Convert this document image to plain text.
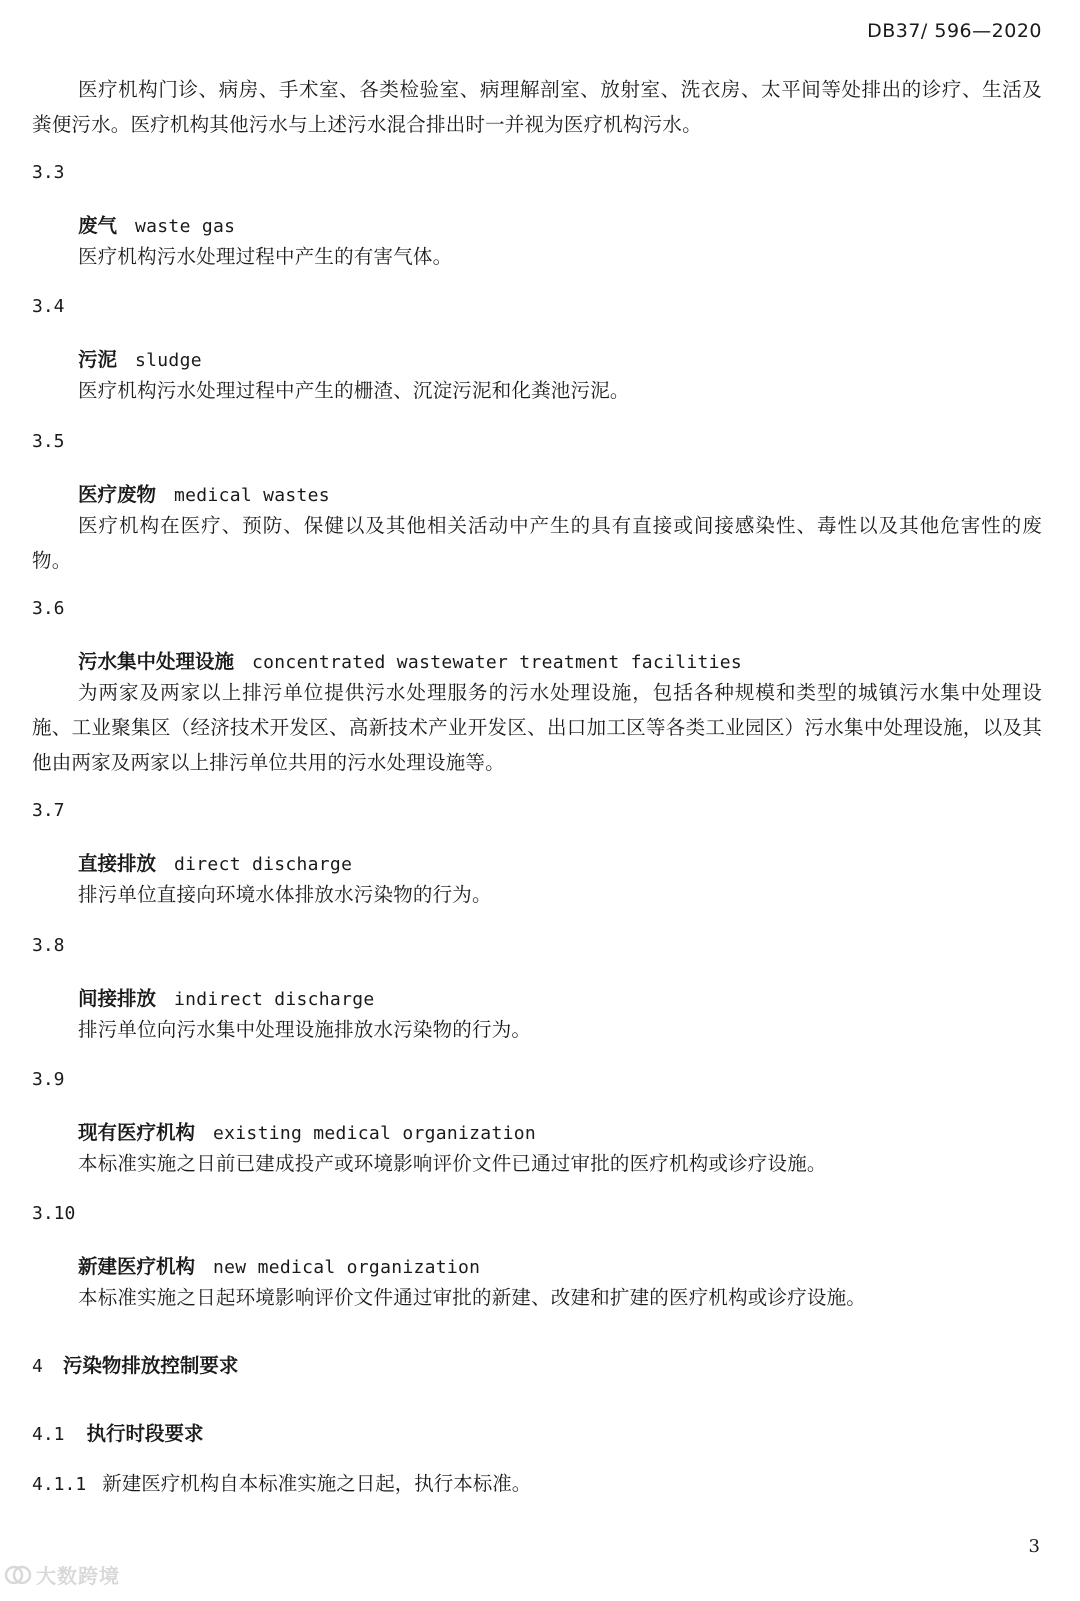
DB37/ 596—2020
医疗机构门诊、病房、手术室、各类检验室、病理解剖室、放射室、洗衣房、太平间等处排出的诊疗、生活及粪便污水。医疗机构其他污水与上述污水混合排出时一并视为医疗机构污水。
3.3
废气 waste gas
医疗机构污水处理过程中产生的有害气体。
3.4
污泥 sludge
医疗机构污水处理过程中产生的栅渣、沉淀污泥和化粪池污泥。
3.5
医疗废物 medical wastes
医疗机构在医疗、预防、保健以及其他相关活动中产生的具有直接或间接感染性、毒性以及其他危害性的废物。
3.6
污水集中处理设施 concentrated wastewater treatment facilities
为两家及两家以上排污单位提供污水处理服务的污水处理设施，包括各种规模和类型的城镇污水集中处理设施、工业聚集区（经济技术开发区、高新技术产业开发区、出口加工区等各类工业园区）污水集中处理设施，以及其他由两家及两家以上排污单位共用的污水处理设施等。
3.7
直接排放 direct discharge
排污单位直接向环境水体排放水污染物的行为。
3.8
间接排放 indirect discharge
排污单位向污水集中处理设施排放水污染物的行为。
3.9
现有医疗机构 existing medical organization
本标准实施之日前已建成投产或环境影响评价文件已通过审批的医疗机构或诊疗设施。
3.10
新建医疗机构 new medical organization
本标准实施之日起环境影响评价文件通过审批的新建、改建和扩建的医疗机构或诊疗设施。
4 污染物排放控制要求
4.1 执行时段要求
4.1.1 新建医疗机构自本标准实施之日起，执行本标准。
3
大数跨境
